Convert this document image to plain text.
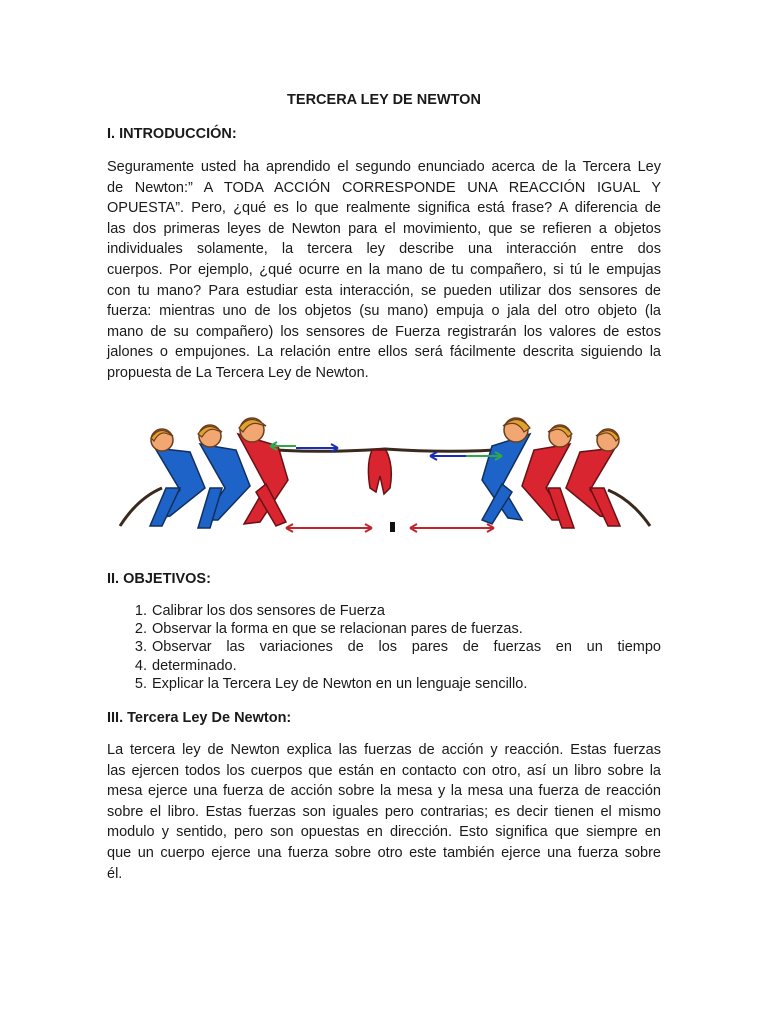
TERCERA LEY DE NEWTON
I. INTRODUCCIÓN:
Seguramente usted ha aprendido el segundo enunciado acerca de la Tercera Ley
de Newton:” A TODA ACCIÓN CORRESPONDE UNA REACCIÓN IGUAL Y
OPUESTA”. Pero, ¿qué es lo que realmente significa está frase? A diferencia de
las dos primeras leyes de Newton para el movimiento, que se refieren a objetos
individuales solamente, la tercera ley describe una interacción entre dos
cuerpos. Por ejemplo, ¿qué ocurre en la mano de tu compañero, si tú le empujas
con tu mano? Para estudiar esta interacción, se pueden utilizar dos sensores de
fuerza: mientras uno de los objetos (su mano) empuja o jala del otro objeto (la
mano de su compañero) los sensores de Fuerza registrarán los valores de estos
jalones o empujones. La relación entre ellos será fácilmente descrita siguiendo la
propuesta de La Tercera Ley de Newton.
II. OBJETIVOS:
1. Calibrar los dos sensores de Fuerza
2. Observar la forma en que se relacionan pares de fuerzas.
3. Observar las variaciones de los pares de fuerzas en un tiempo
4. determinado.
5. Explicar la Tercera Ley de Newton en un lenguaje sencillo.
III. Tercera Ley De Newton:
La tercera ley de Newton explica las fuerzas de acción y reacción. Estas fuerzas
las ejercen todos los cuerpos que están en contacto con otro, así un libro sobre la
mesa ejerce una fuerza de acción sobre la mesa y la mesa una fuerza de reacción
sobre el libro. Estas fuerzas son iguales pero contrarias; es decir tienen el mismo
modulo y sentido, pero son opuestas en dirección. Esto significa que siempre en
que un cuerpo ejerce una fuerza sobre otro este también ejerce una fuerza sobre
él.
